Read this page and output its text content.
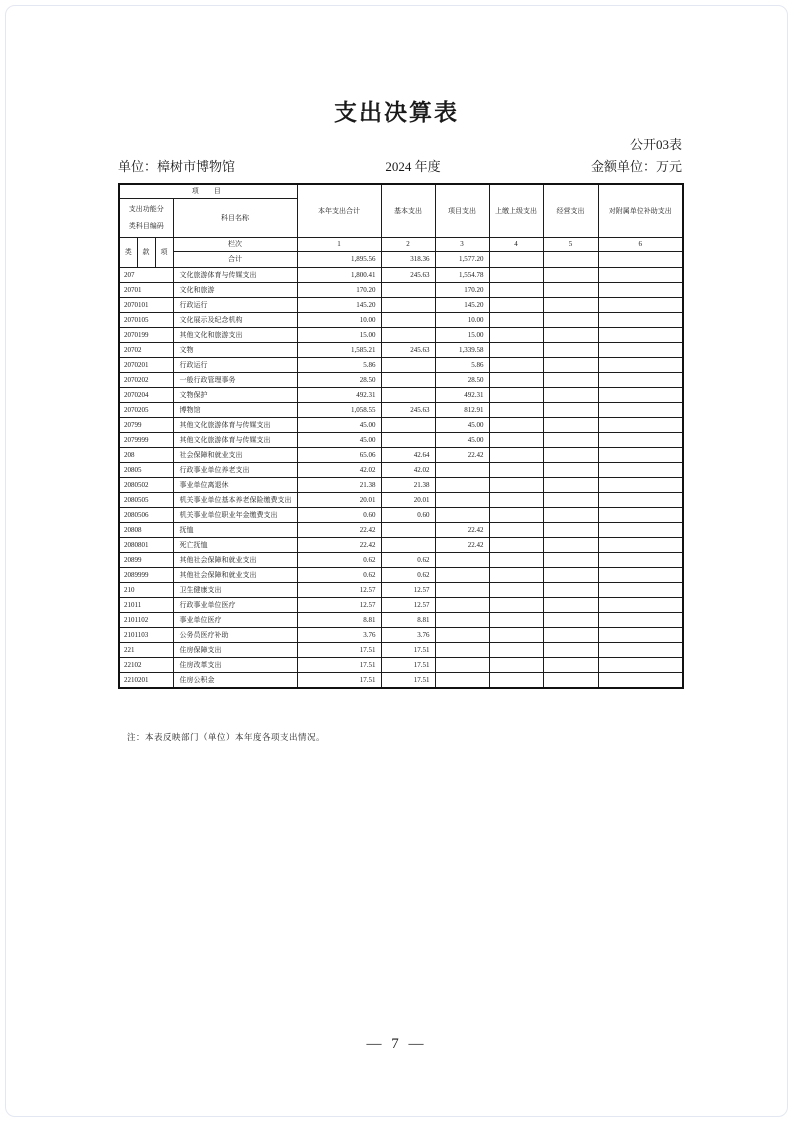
支出决算表
公开03表
单位：樟树市博物馆	2024 年度	金额单位：万元
项　目				本年支出合计	基本支出	项目支出	上缴上级支出	经营支出	对附属单位补助支出

支出功能分
类科目编码			科目名称						
类	款	项	栏次	1	2	3	4	5	6
			合计	1,895.56	318.36	1,577.20			
207			文化旅游体育与传媒支出	1,800.41	245.63	1,554.78			
20701			文化和旅游	170.20		170.20			
2070101			行政运行	145.20		145.20			
2070105			文化展示及纪念机构	10.00		10.00			
2070199			其他文化和旅游支出	15.00		15.00			
20702			文物	1,585.21	245.63	1,339.58			
2070201			行政运行	5.86		5.86			
2070202			一般行政管理事务	28.50		28.50			
2070204			文物保护	492.31		492.31			
2070205			博物馆	1,058.55	245.63	812.91			
20799			其他文化旅游体育与传媒支出	45.00		45.00			
2079999			其他文化旅游体育与传媒支出	45.00		45.00			
208			社会保障和就业支出	65.06	42.64	22.42			
20805			行政事业单位养老支出	42.02	42.02				
2080502			事业单位离退休	21.38	21.38				
2080505			机关事业单位基本养老保险缴费支出	20.01	20.01				
2080506			机关事业单位职业年金缴费支出	0.60	0.60				
20808			抚恤	22.42		22.42			
2080801			死亡抚恤	22.42		22.42			
20899			其他社会保障和就业支出	0.62	0.62				
2089999			其他社会保障和就业支出	0.62	0.62				
210			卫生健康支出	12.57	12.57				
21011			行政事业单位医疗	12.57	12.57				
2101102			事业单位医疗	8.81	8.81				
2101103			公务员医疗补助	3.76	3.76				
221			住房保障支出	17.51	17.51				
22102			住房改革支出	17.51	17.51				
2210201			住房公积金	17.51	17.51				
注：本表反映部门（单位）本年度各项支出情况。
— 7 —
